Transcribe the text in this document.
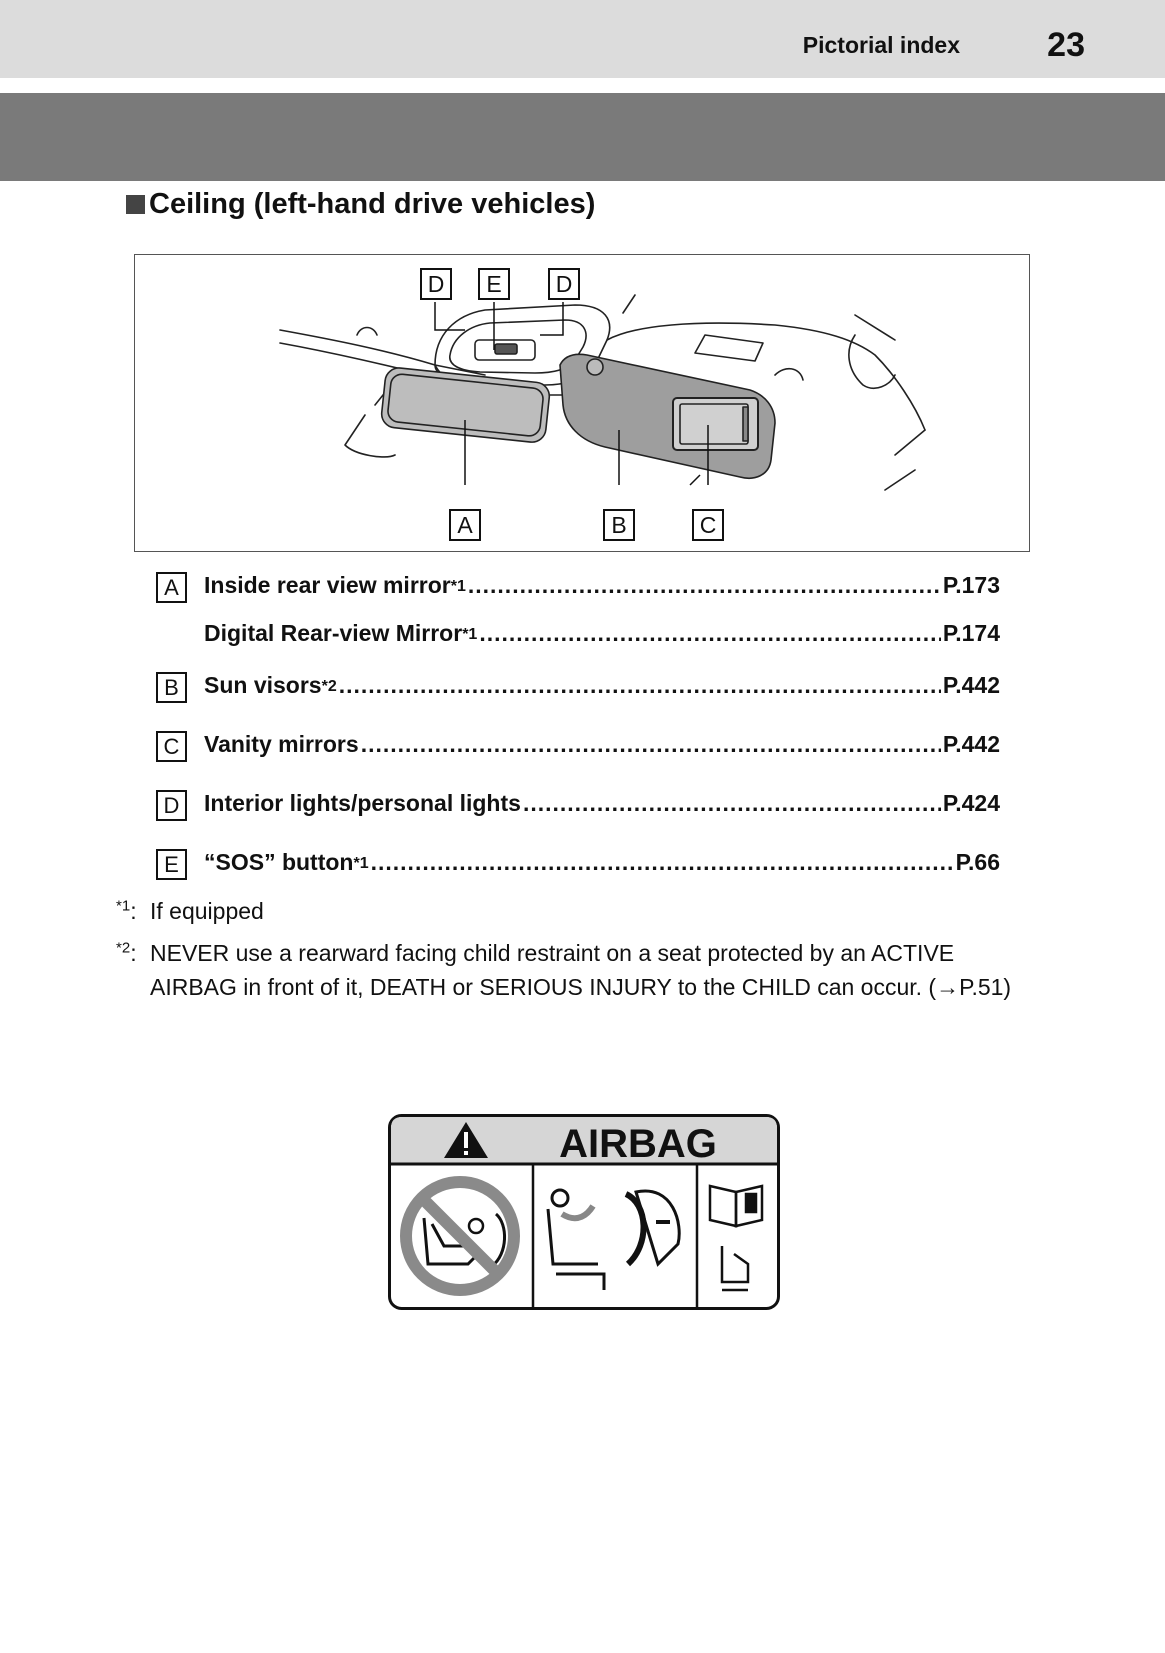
Pictorial index	23
Ceiling (left-hand drive vehicles)
D	E	D
A	B	C
A	Inside rear view mirror$^{*1}$ .....	P.173
Digital Rear-view Mirror$^{*1}$ .....	P.174
B	Sun visors$^{*2}$ .....	P.442
C	Vanity mirrors .....	P.442
D	Interior lights/personal lights .....	P.424
E	“SOS” button$^{*1}$ .....	P.66
$^{*1}$: If equipped
$^{*2}$: NEVER use a rearward facing child restraint on a seat protected by an ACTIVE AIRBAG in front of it, DEATH or SERIOUS INJURY to the CHILD can occur. (→P.51)
AIRBAG
